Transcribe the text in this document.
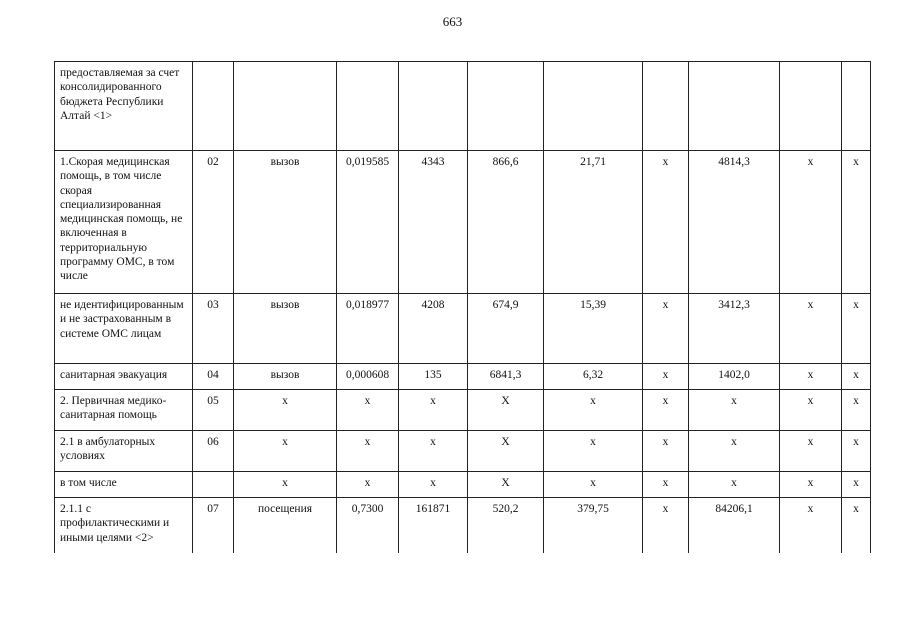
663
предоставляемая за счет консолидированного бюджета Республики Алтай <1>										
1.Скорая медицинская помощь, в том числе скорая специализированная медицинская помощь, не включенная в территориальную программу ОМС, в том числе	02	вызов	0,019585	4343	866,6	21,71	х	4814,3	х	х
не идентифицированным и не застрахованным в системе ОМС лицам	03	вызов	0,018977	4208	674,9	15,39	х	3412,3	х	х
санитарная эвакуация	04	вызов	0,000608	135	6841,3	6,32	х	1402,0	х	х
2. Первичная медико-санитарная помощь	05	х	х	х	Х	х	х	х	х	х
2.1 в амбулаторных условиях	06	х	х	х	Х	х	х	х	х	х
в том числе		х	х	х	Х	х	х	х	х	х
2.1.1 с профилактическими и иными целями <2>	07	посещения	0,7300	161871	520,2	379,75	х	84206,1	х	х
